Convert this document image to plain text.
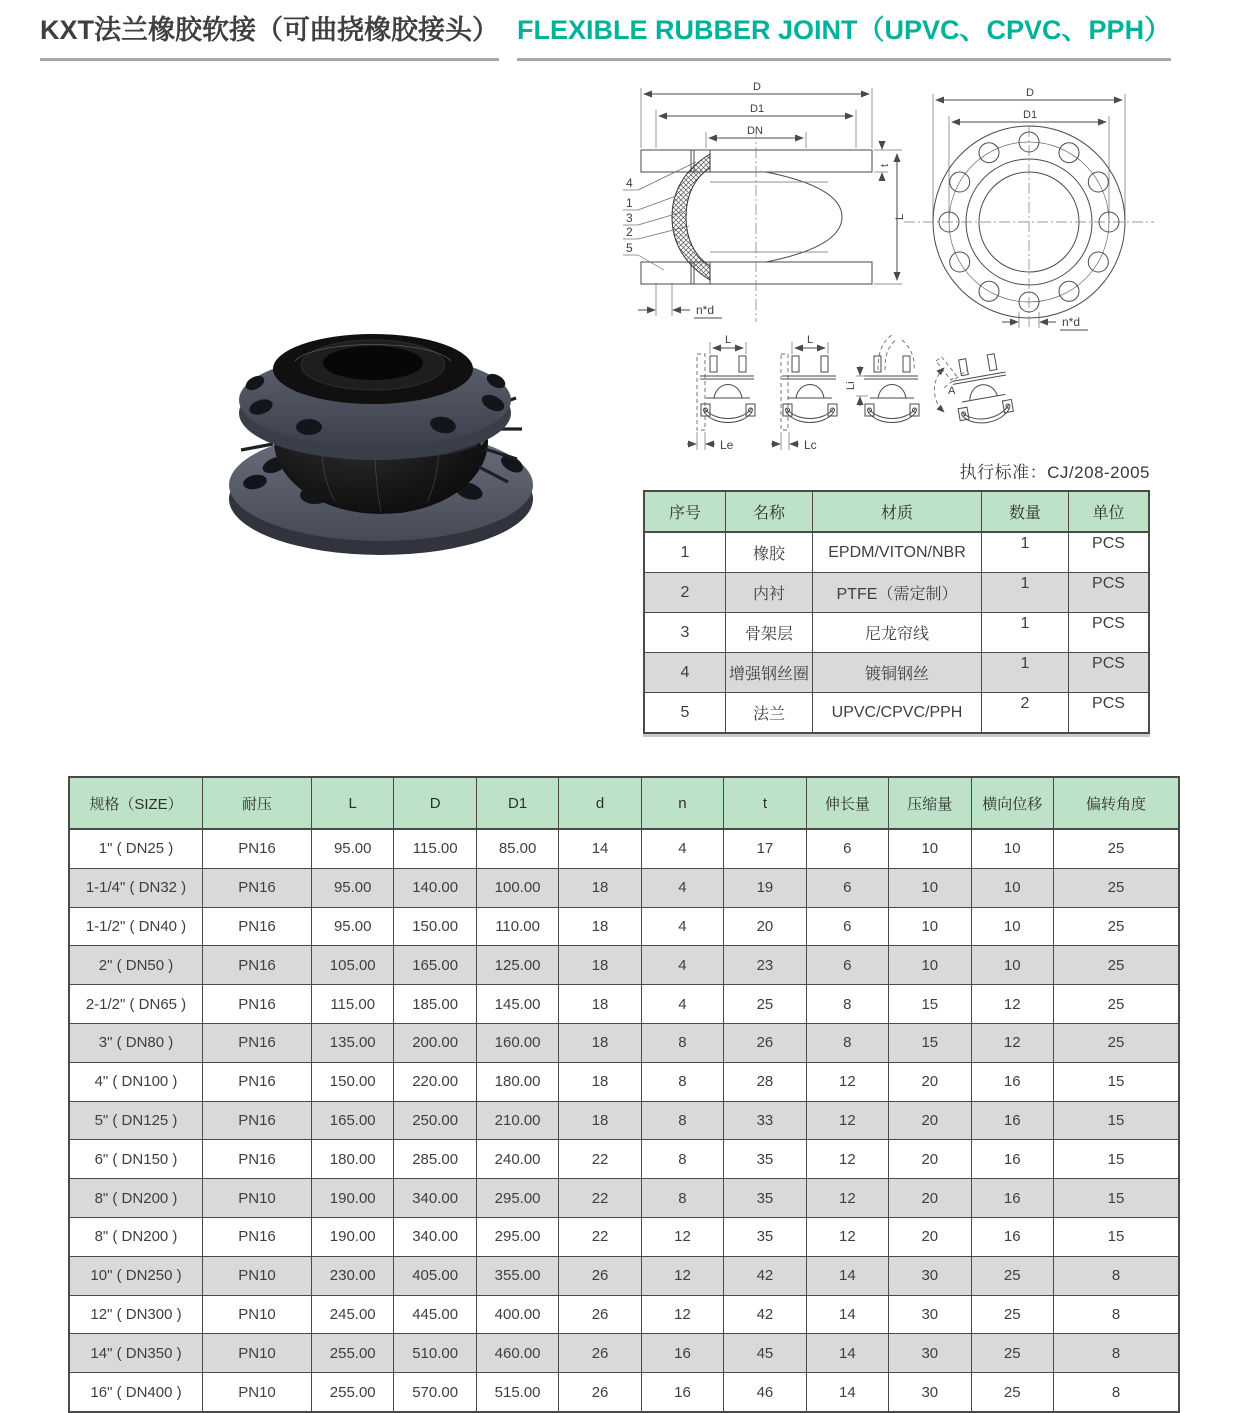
KXT法兰橡胶软接（可曲挠橡胶接头） FLEXIBLE RUBBER JOINT（UPVC、CPVC、PPH）
D
D1
DN
t
L
n*d
4
1
3
2
5
D
D1
n*d
L
Le
L
Lc
Li	A
执行标准：CJ/208-2005
序号	名称	材质	数量	单位
1	橡胶	EPDM/VITON/NBR	1	PCS
2	内衬	PTFE（需定制）	1	PCS
3	骨架层	尼龙帘线	1	PCS
4	增强钢丝圈	镀铜钢丝	1	PCS
5	法兰	UPVC/CPVC/PPH	2	PCS
规格（SIZE）	耐压	L	D	D1	d	n	t	伸长量	压缩量	横向位移	偏转角度
1" ( DN25 )	PN16	95.00	115.00	85.00	14	4	17	6	10	10	25
1-1/4" ( DN32 )	PN16	95.00	140.00	100.00	18	4	19	6	10	10	25
1-1/2" ( DN40 )	PN16	95.00	150.00	110.00	18	4	20	6	10	10	25
2" ( DN50 )	PN16	105.00	165.00	125.00	18	4	23	6	10	10	25
2-1/2" ( DN65 )	PN16	115.00	185.00	145.00	18	4	25	8	15	12	25
3" ( DN80 )	PN16	135.00	200.00	160.00	18	8	26	8	15	12	25
4" ( DN100 )	PN16	150.00	220.00	180.00	18	8	28	12	20	16	15
5" ( DN125 )	PN16	165.00	250.00	210.00	18	8	33	12	20	16	15
6" ( DN150 )	PN16	180.00	285.00	240.00	22	8	35	12	20	16	15
8" ( DN200 )	PN10	190.00	340.00	295.00	22	8	35	12	20	16	15
8" ( DN200 )	PN16	190.00	340.00	295.00	22	12	35	12	20	16	15
10" ( DN250 )	PN10	230.00	405.00	355.00	26	12	42	14	30	25	8
12" ( DN300 )	PN10	245.00	445.00	400.00	26	12	42	14	30	25	8
14" ( DN350 )	PN10	255.00	510.00	460.00	26	16	45	14	30	25	8
16" ( DN400 )	PN10	255.00	570.00	515.00	26	16	46	14	30	25	8
